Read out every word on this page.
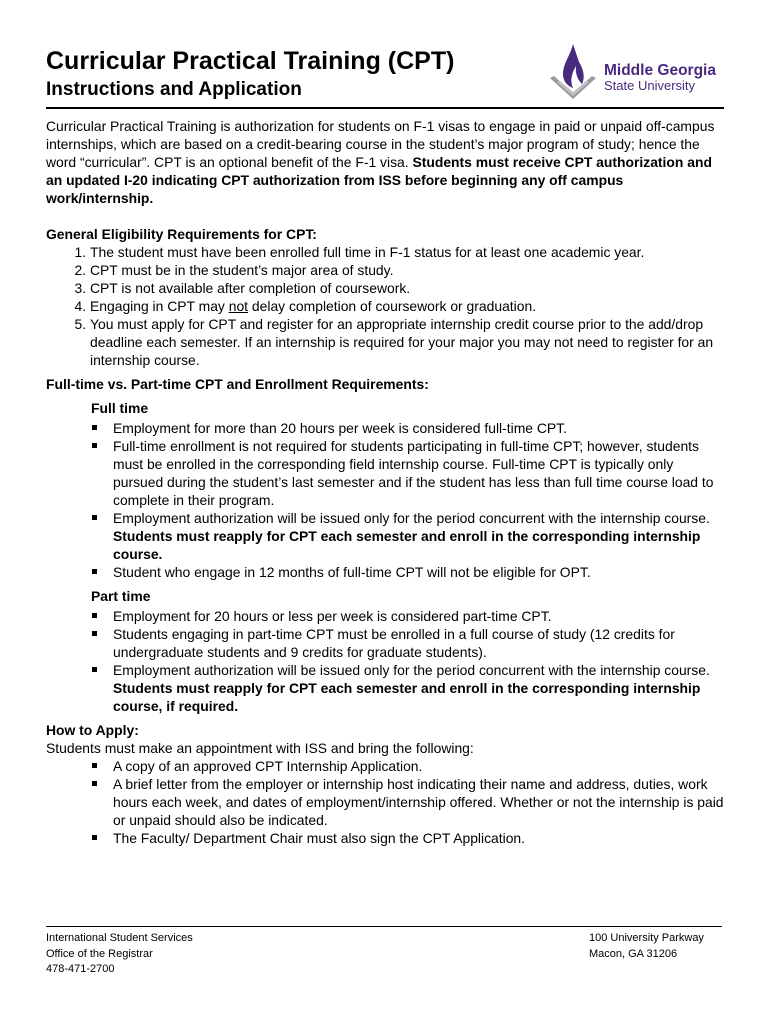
Curricular Practical Training (CPT)
Instructions and Application
Middle Georgia
State University

Curricular Practical Training is authorization for students on F-1 visas to engage in paid or unpaid off-campus internships, which are based on a credit-bearing course in the student’s major program of study; hence the word “curricular”. CPT is an optional benefit of the F-1 visa. Students must receive CPT authorization and an updated I-20 indicating CPT authorization from ISS before beginning any off campus work/internship.

General Eligibility Requirements for CPT:

1. The student must have been enrolled full time in F-1 status for at least one academic year.
2. CPT must be in the student’s major area of study.
3. CPT is not available after completion of coursework.
4. Engaging in CPT may not delay completion of coursework or graduation.
5. You must apply for CPT and register for an appropriate internship credit course prior to the add/drop deadline each semester. If an internship is required for your major you may not need to register for an internship course.

Full-time vs. Part-time CPT and Enrollment Requirements:

Full time

Employment for more than 20 hours per week is considered full-time CPT.
Full-time enrollment is not required for students participating in full-time CPT; however, students must be enrolled in the corresponding field internship course. Full-time CPT is typically only pursued during the student’s last semester and if the student has less than full time course load to complete in their program.
Employment authorization will be issued only for the period concurrent with the internship course. Students must reapply for CPT each semester and enroll in the corresponding internship course.
Student who engage in 12 months of full-time CPT will not be eligible for OPT.

Part time

Employment for 20 hours or less per week is considered part-time CPT.
Students engaging in part-time CPT must be enrolled in a full course of study (12 credits for undergraduate students and 9 credits for graduate students).
Employment authorization will be issued only for the period concurrent with the internship course. Students must reapply for CPT each semester and enroll in the corresponding internship course, if required.

How to Apply:

Students must make an appointment with ISS and bring the following:

A copy of an approved CPT Internship Application.
A brief letter from the employer or internship host indicating their name and address, duties, work hours each week, and dates of employment/internship offered. Whether or not the internship is paid or unpaid should also be indicated.
The Faculty/ Department Chair must also sign the CPT Application.
International Student Services
Office of the Registrar
478-471-2700
100 University Parkway
Macon, GA 31206
